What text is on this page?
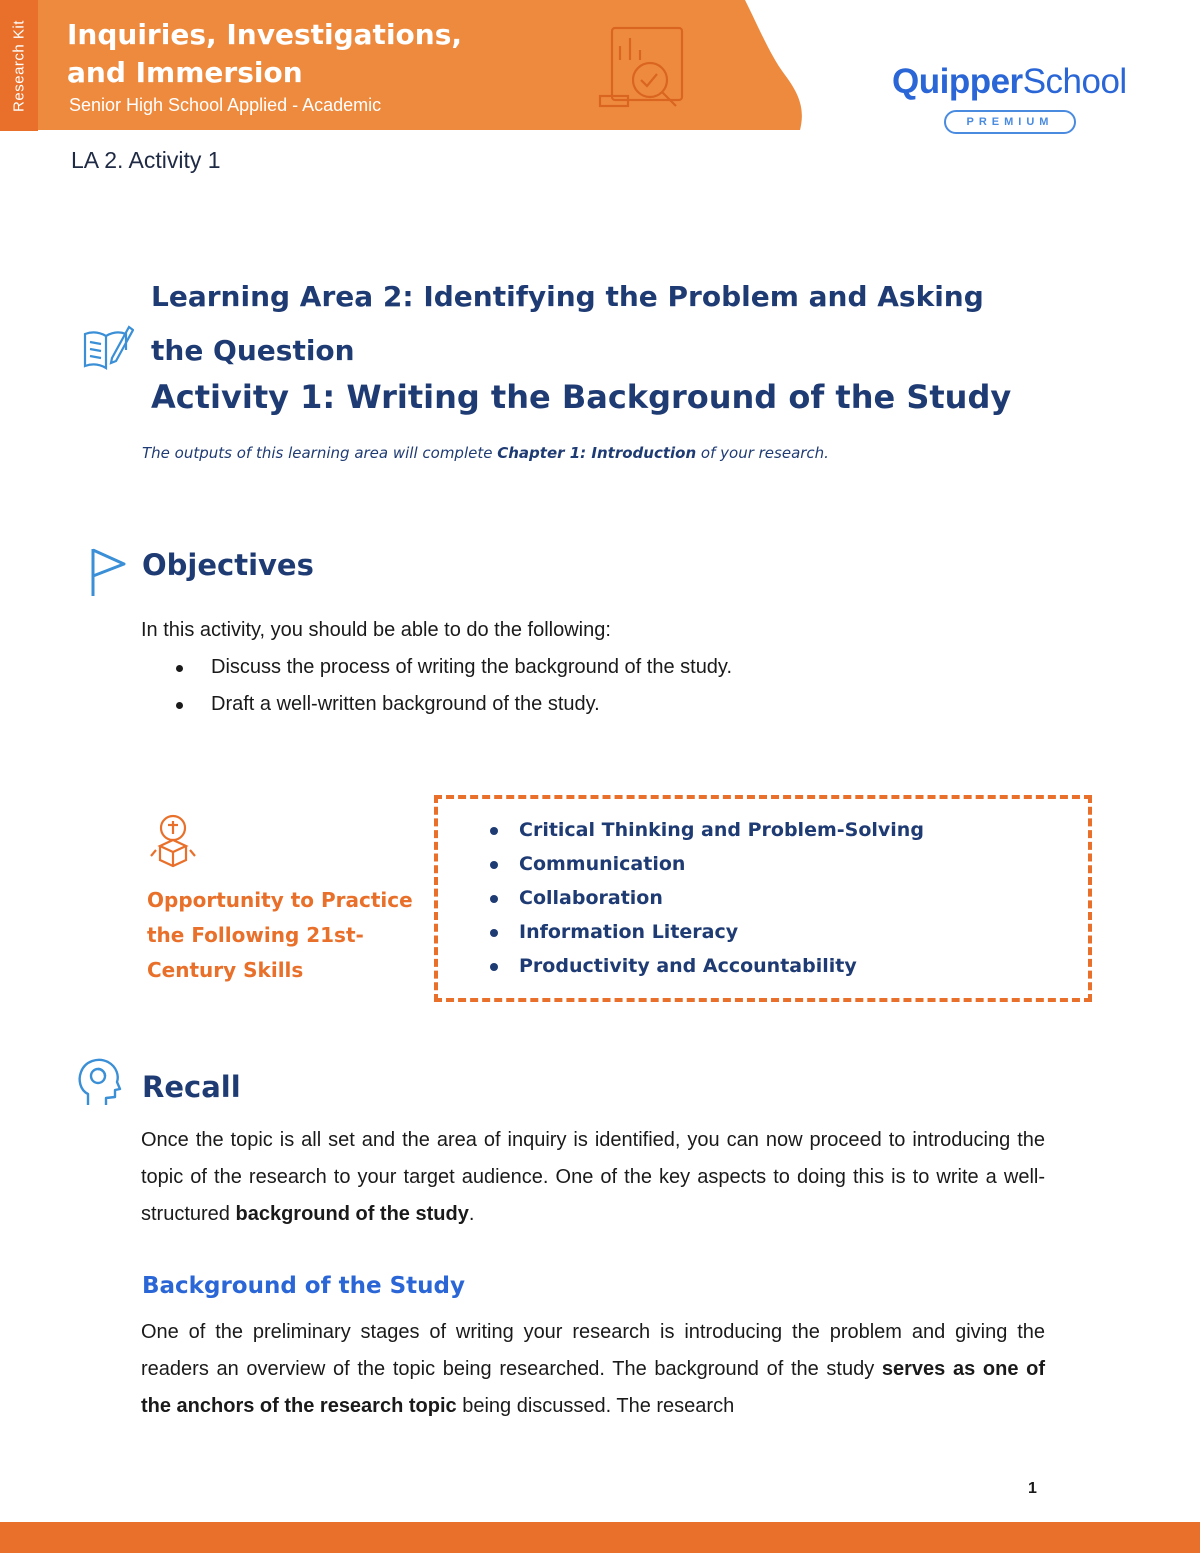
Research Kit Inquiries, Investigations,
and Immersion
Senior High School Applied - Academic
QuipperSchool
PREMIUM
LA 2. Activity 1
Learning Area 2: Identifying the Problem and Asking the Question
Activity 1: Writing the Background of the Study
The outputs of this learning area will complete Chapter 1: Introduction of your research.
Objectives
In this activity, you should be able to do the following:
Discuss the process of writing the background of the study.
Draft a well-written background of the study.
Opportunity to Practice the Following 21st-Century Skills
Critical Thinking and Problem-Solving
Communication
Collaboration
Information Literacy
Productivity and Accountability
Recall
Once the topic is all set and the area of inquiry is identified, you can now proceed to introducing the topic of the research to your target audience. One of the key aspects to doing this is to write a well-structured background of the study.
Background of the Study
One of the preliminary stages of writing your research is introducing the problem and giving the readers an overview of the topic being researched. The background of the study serves as one of the anchors of the research topic being discussed. The research
1
